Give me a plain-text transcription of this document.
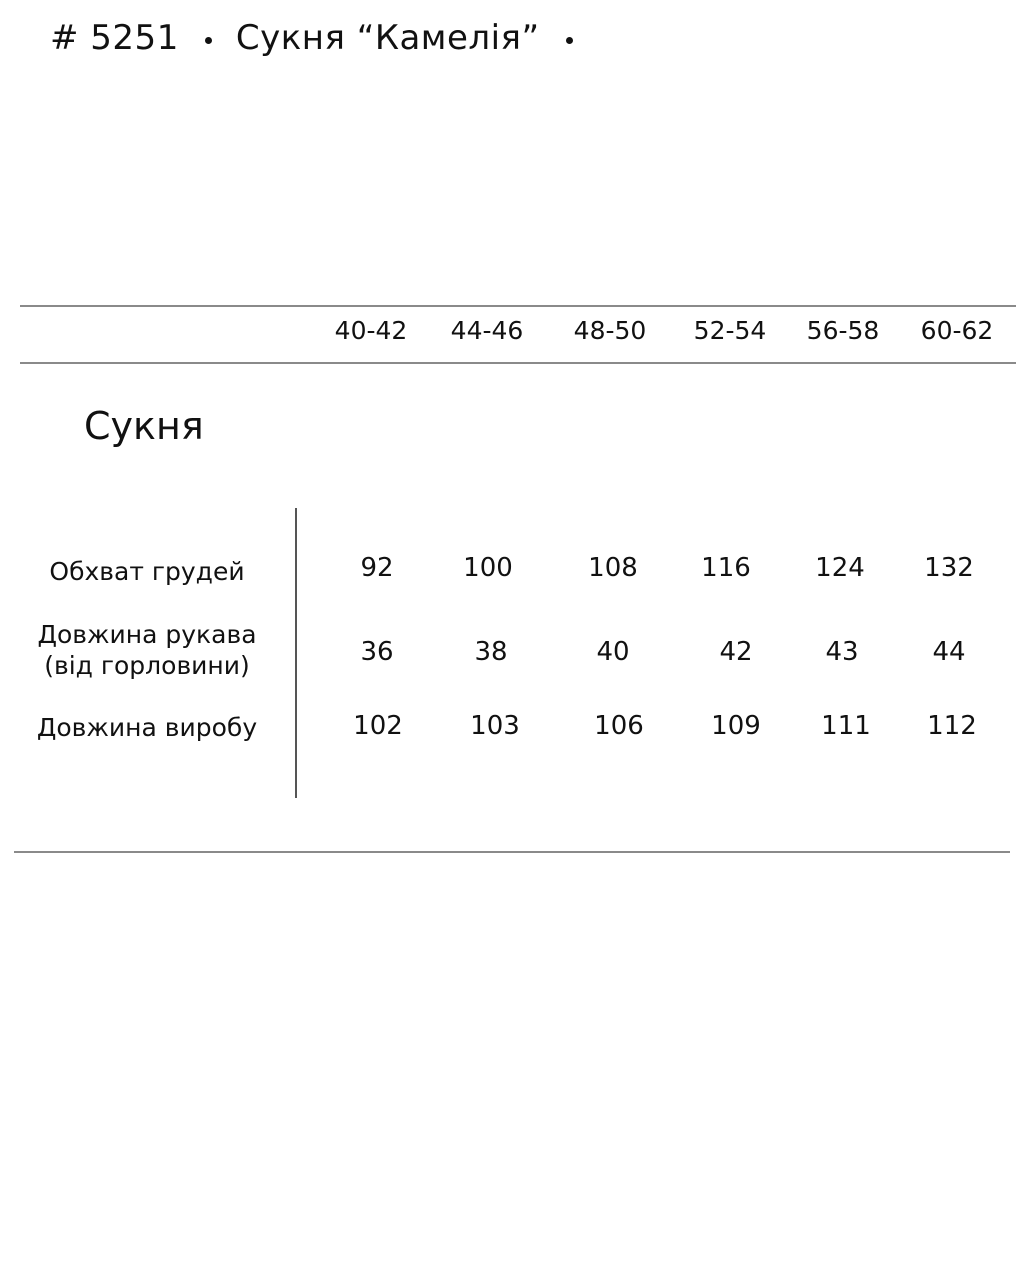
# 5251 Сукня “Камелія”
40-42	44-46	48-50	52-54	56-58	60-62
Сукня
Обхват грудей	92	100	108	116	124	132
Довжина рукава
(від горловини)	36	38	40	42	43	44
Довжина виробу	102	103	106	109	111	112
